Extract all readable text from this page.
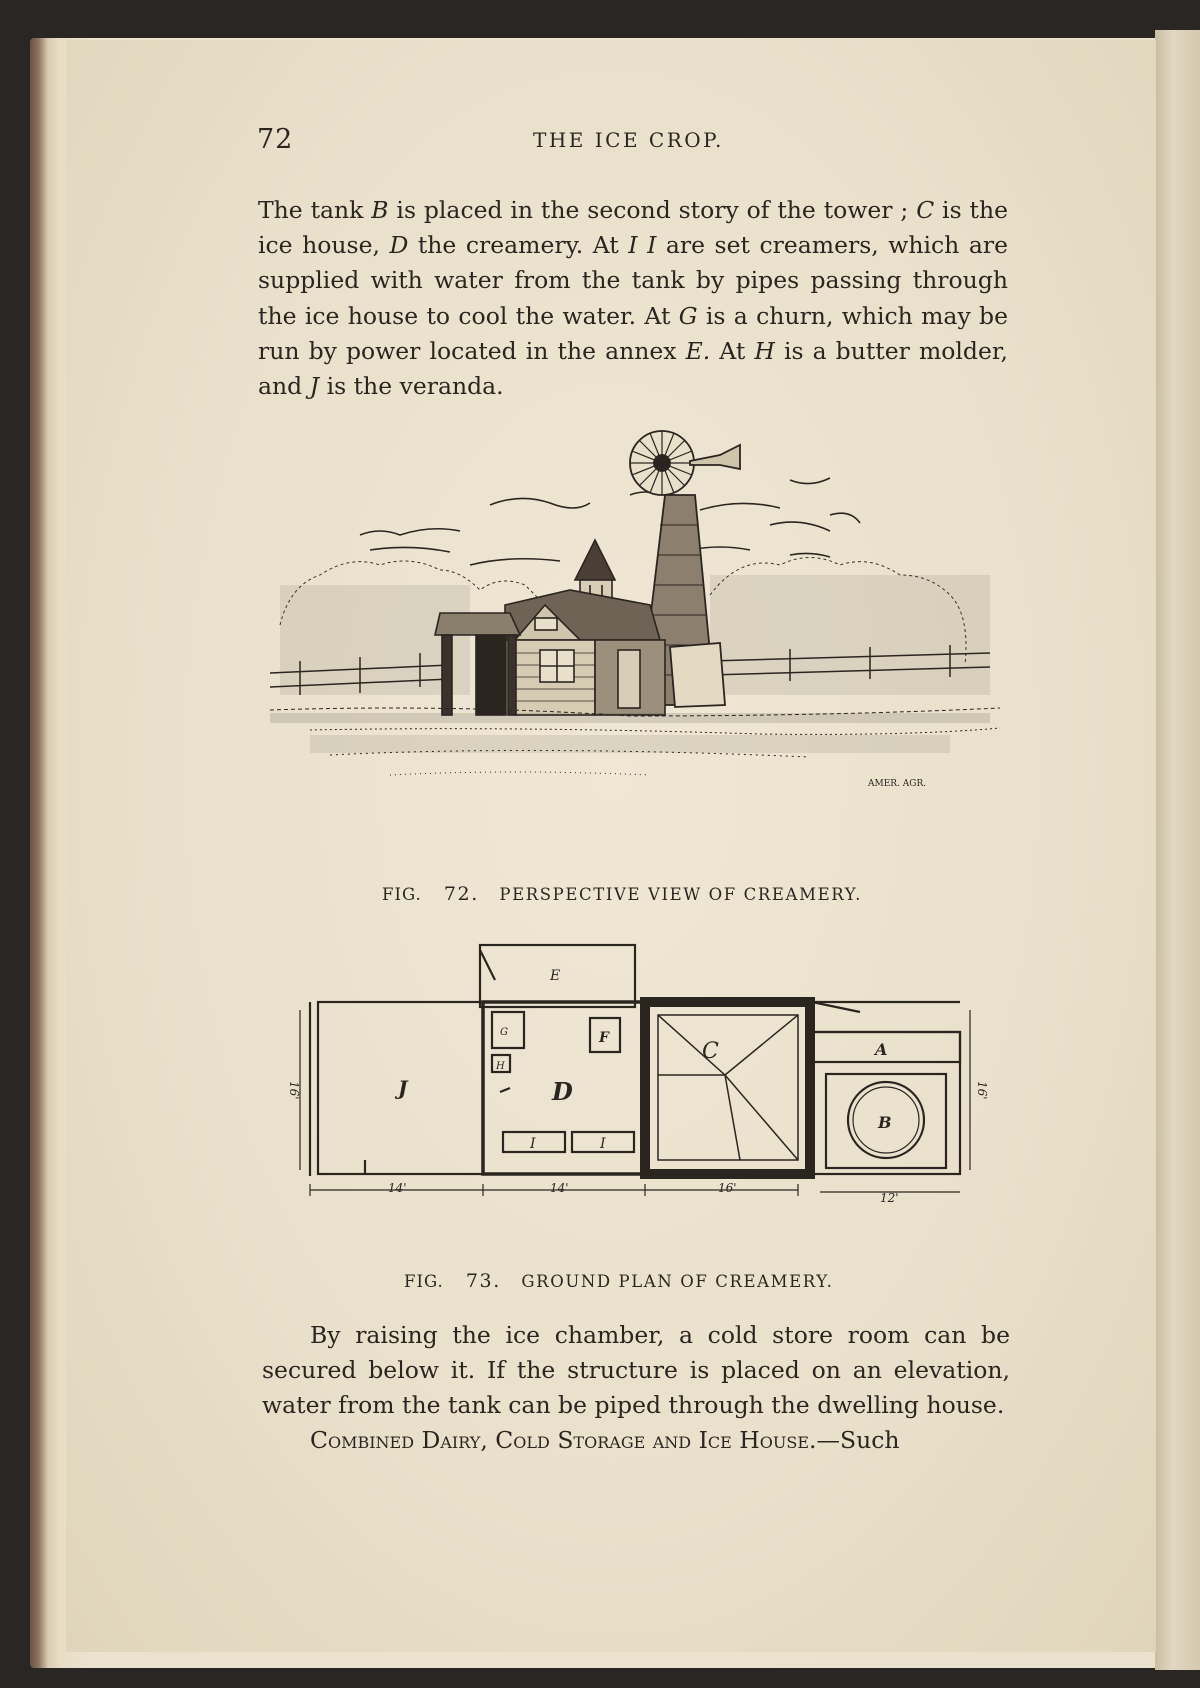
72	THE ICE CROP.

The tank B is placed in the second story of the tower ; C is the ice house, D the creamery. At I I are set creamers, which are supplied with water from the tank by pipes passing through the ice house to cool the water. At G is a churn, which may be run by power located in the annex E. At H is a butter molder, and J is the veranda.

AMER. AGR.
FIG. 72. PERSPECTIVE VIEW OF CREAMERY.
E
J
G
H
F
D
I	I
C	A
B
14'	14'	16'
12'
16'	16'
FIG. 73. GROUND PLAN OF CREAMERY.

By raising the ice chamber, a cold store room can be secured below it. If the structure is placed on an elevation, water from the tank can be piped through the dwelling house.

Combined Dairy, Cold Storage and Ice House.—Such
